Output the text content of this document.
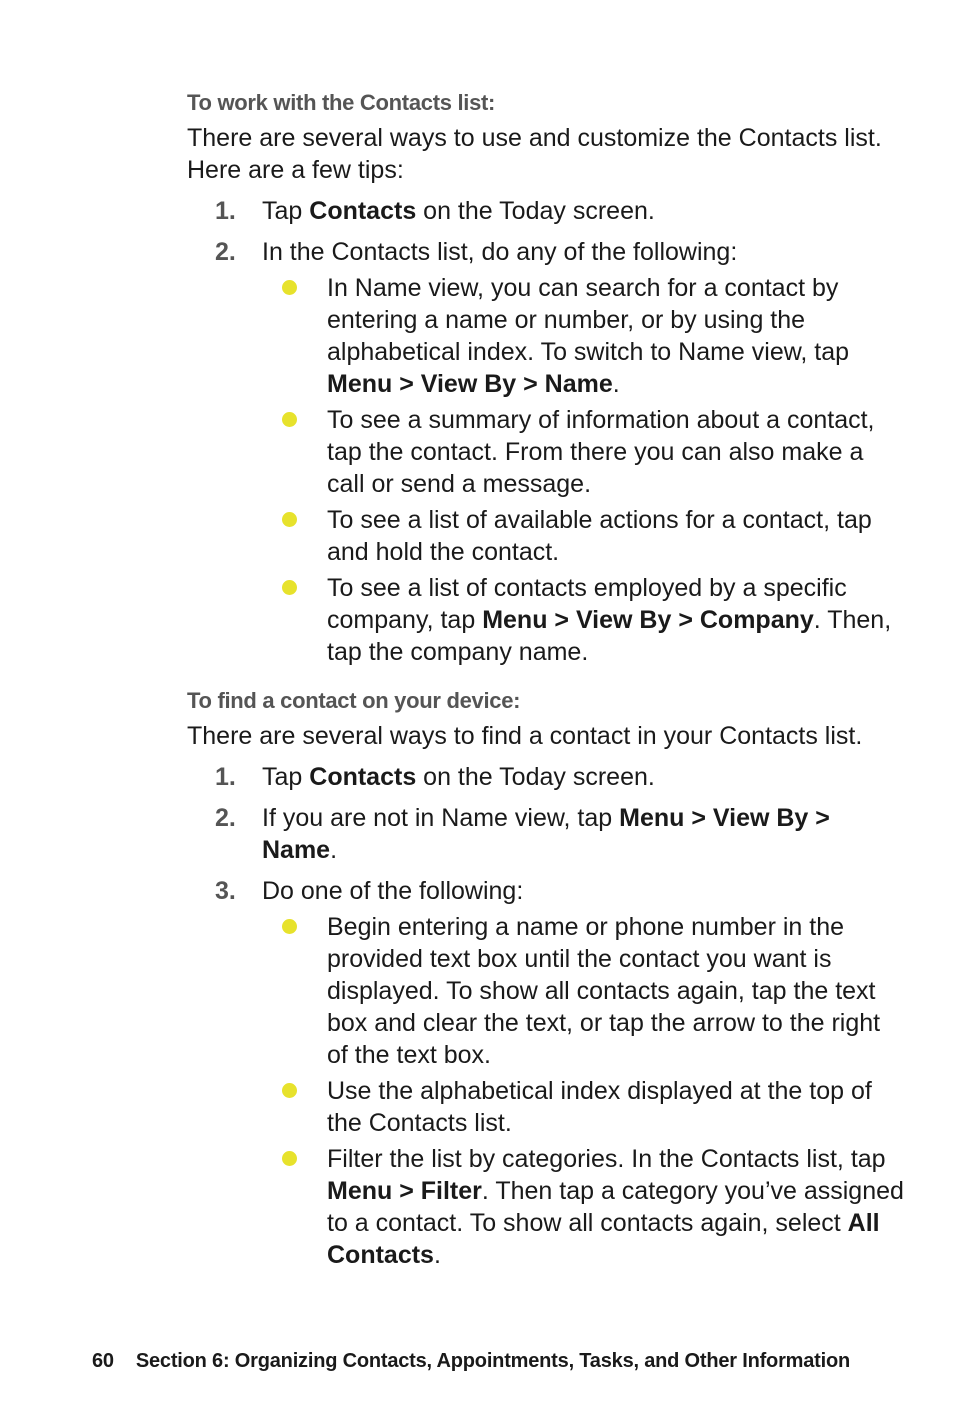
To work with the Contacts list:
There are several ways to use and customize the Contacts list. Here are a few tips:
1. Tap Contacts on the Today screen.
2. In the Contacts list, do any of the following:
In Name view, you can search for a contact by entering a name or number, or by using the alphabetical index. To switch to Name view, tap Menu > View By > Name.
To see a summary of information about a contact, tap the contact. From there you can also make a call or send a message.
To see a list of available actions for a contact, tap and hold the contact.
To see a list of contacts employed by a specific company, tap Menu > View By > Company. Then, tap the company name.
To find a contact on your device:
There are several ways to find a contact in your Contacts list.
1. Tap Contacts on the Today screen.
2. If you are not in Name view, tap Menu > View By > Name.
3. Do one of the following:
Begin entering a name or phone number in the provided text box until the contact you want is displayed. To show all contacts again, tap the text box and clear the text, or tap the arrow to the right of the text box.
Use the alphabetical index displayed at the top of the Contacts list.
Filter the list by categories. In the Contacts list, tap Menu > Filter. Then tap a category you’ve assigned to a contact. To show all contacts again, select All Contacts.
60 Section 6: Organizing Contacts, Appointments, Tasks, and Other Information
